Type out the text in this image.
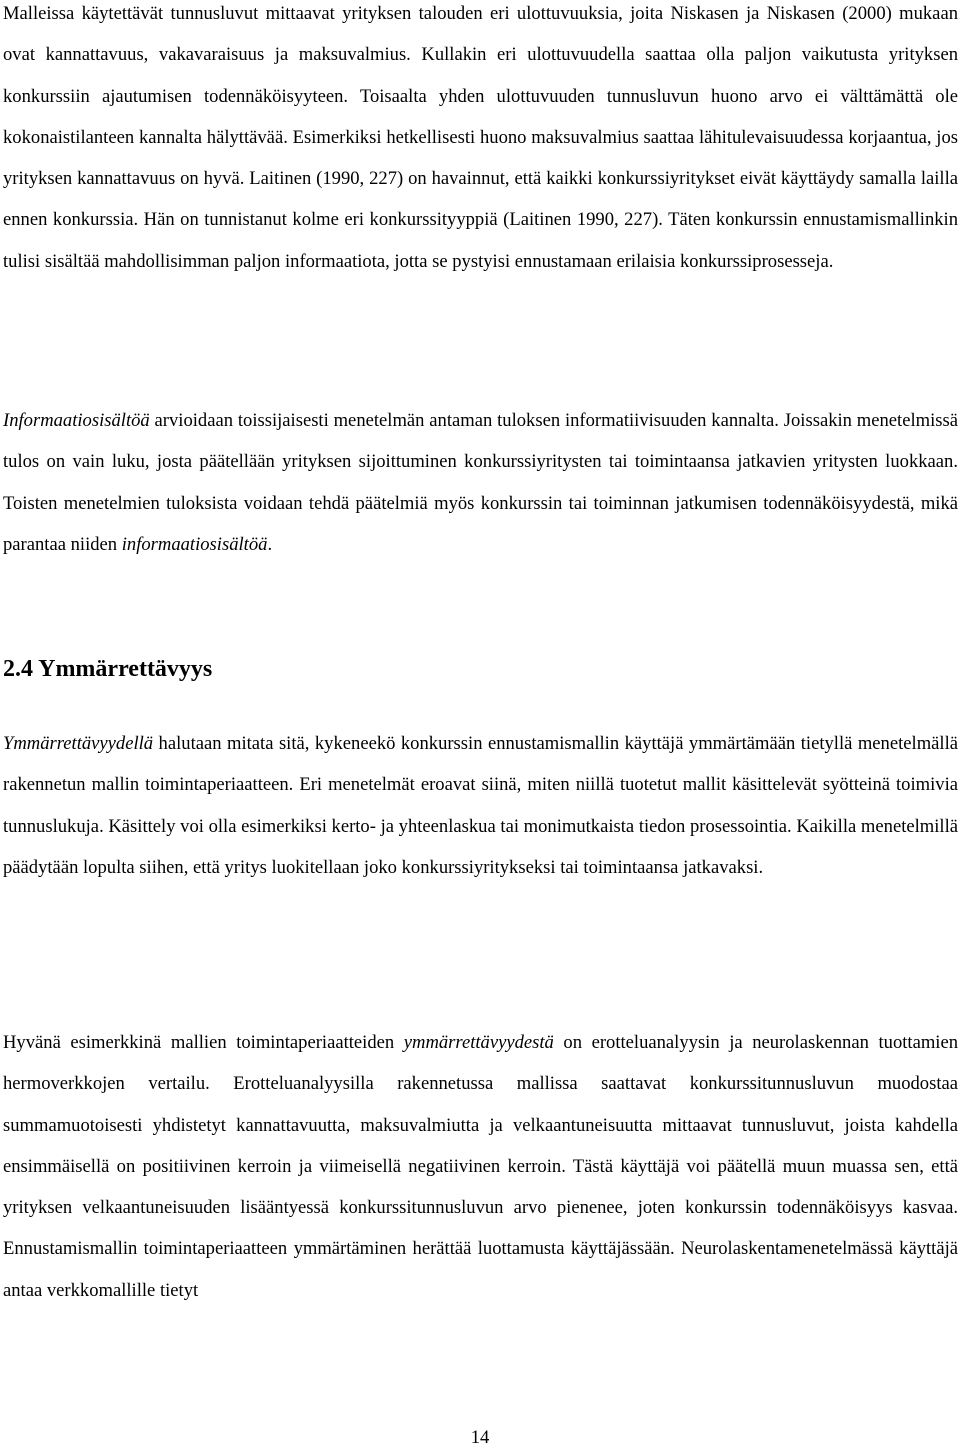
Malleissa käytettävät tunnusluvut mittaavat yrityksen talouden eri ulottuvuuksia, joita Niskasen ja Niskasen (2000) mukaan ovat kannattavuus, vakavaraisuus ja maksuvalmius. Kullakin eri ulottuvuudella saattaa olla paljon vaikutusta yrityksen konkurssiin ajautumisen todennäköisyyteen. Toisaalta yhden ulottuvuuden tunnusluvun huono arvo ei välttämättä ole kokonaistilanteen kannalta hälyttävää. Esimerkiksi hetkellisesti huono maksuvalmius saattaa lähitulevaisuudessa korjaantua, jos yrityksen kannattavuus on hyvä. Laitinen (1990, 227) on havainnut, että kaikki konkurssiyritykset eivät käyttäydy samalla lailla ennen konkurssia. Hän on tunnistanut kolme eri konkurssityyppiä (Laitinen 1990, 227). Täten konkurssin ennustamismallinkin tulisi sisältää mahdollisimman paljon informaatiota, jotta se pystyisi ennustamaan erilaisia konkurssiprosesseja.

Informaatiosisältöä arvioidaan toissijaisesti menetelmän antaman tuloksen informatiivisuuden kannalta. Joissakin menetelmissä tulos on vain luku, josta päätellään yrityksen sijoittuminen konkurssiyritysten tai toimintaansa jatkavien yritysten luokkaan. Toisten menetelmien tuloksista voidaan tehdä päätelmiä myös konkurssin tai toiminnan jatkumisen todennäköisyydestä, mikä parantaa niiden informaatiosisältöä.

2.4 Ymmärrettävyys

Ymmärrettävyydellä halutaan mitata sitä, kykeneekö konkurssin ennustamismallin käyttäjä ymmärtämään tietyllä menetelmällä rakennetun mallin toimintaperiaatteen. Eri menetelmät eroavat siinä, miten niillä tuotetut mallit käsittelevät syötteinä toimivia tunnuslukuja. Käsittely voi olla esimerkiksi kerto- ja yhteenlaskua tai monimutkaista tiedon prosessointia. Kaikilla menetelmillä päädytään lopulta siihen, että yritys luokitellaan joko konkurssiyritykseksi tai toimintaansa jatkavaksi.

Hyvänä esimerkkinä mallien toimintaperiaatteiden ymmärrettävyydestä on erotteluanalyysin ja neurolaskennan tuottamien hermoverkkojen vertailu. Erotteluanalyysilla rakennetussa mallissa saattavat konkurssitunnusluvun muodostaa summamuotoisesti yhdistetyt kannattavuutta, maksuvalmiutta ja velkaantuneisuutta mittaavat tunnusluvut, joista kahdella ensimmäisellä on positiivinen kerroin ja viimeisellä negatiivinen kerroin. Tästä käyttäjä voi päätellä muun muassa sen, että yrityksen velkaantuneisuuden lisääntyessä konkurssitunnusluvun arvo pienenee, joten konkurssin todennäköisyys kasvaa. Ennustamismallin toimintaperiaatteen ymmärtäminen herättää luottamusta käyttäjässään. Neurolaskentamenetelmässä käyttäjä antaa verkkomallille tietyt

14
